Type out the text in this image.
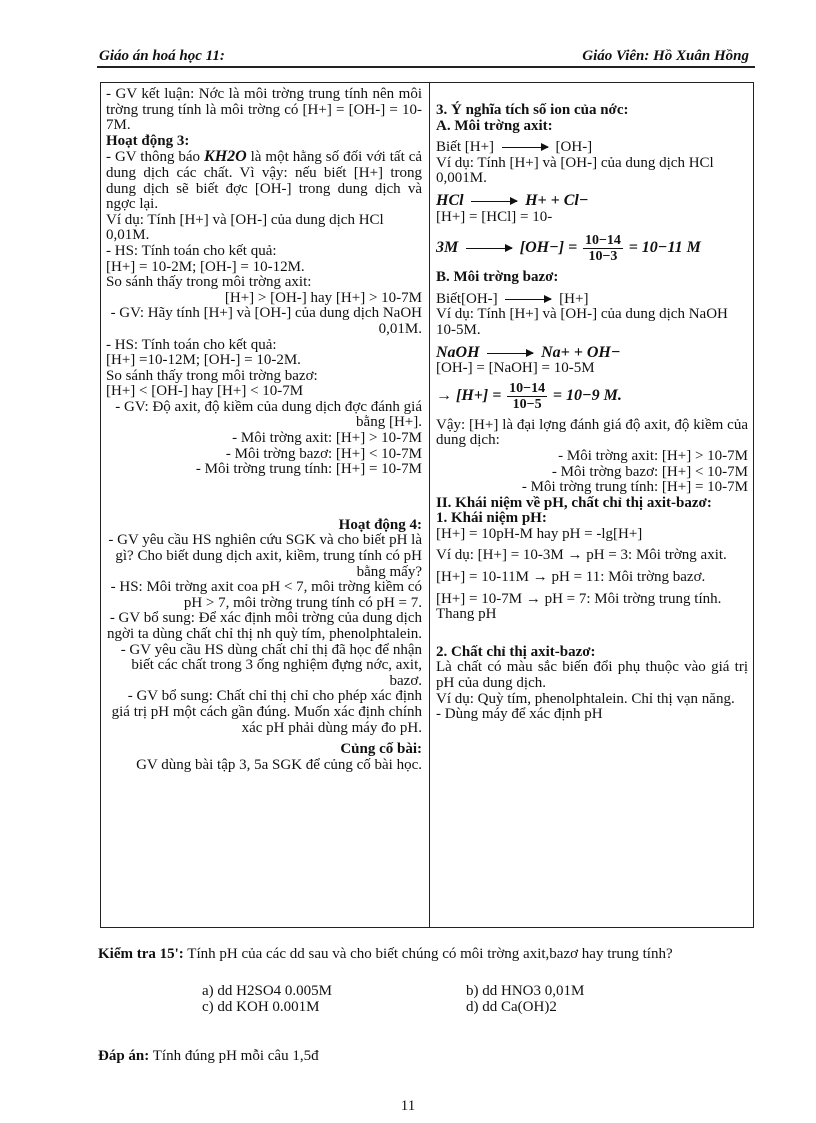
Giáo án hoá học 11:	Giáo Viên: Hồ Xuân Hồng

- GV kết luận: Nớc là môi trờng trung tính nên môi trờng trung tính là môi trờng có [H+] = [OH-] = 10-7M.

Hoạt động 3:

- GV thông báo KH2O là một hằng số đối với tất cả dung dịch các chất. Vì vậy: nếu biết [H+] trong dung dịch sẽ biết đợc [OH-] trong dung dịch và ngợc lại.

Ví dụ: Tính [H+] và [OH-] của dung dịch HCl 0,01M.

- HS: Tính toán cho kết quả:

[H+] = 10-2M; [OH-] = 10-12M.

So sánh thấy trong môi trờng axit:

[H+] > [OH-] hay [H+] > 10-7M

- GV: Hãy tính [H+] và [OH-] của dung dịch NaOH 0,01M.

- HS: Tính toán cho kết quả:

[H+] =10-12M; [OH-] = 10-2M.

So sánh thấy trong môi trờng bazơ:

[H+] < [OH-] hay [H+] < 10-7M

- GV: Độ axit, độ kiềm của dung dịch đợc đánh giá bằng [H+].

- Môi trờng axit: [H+] > 10-7M

- Môi trờng bazơ: [H+] < 10-7M

- Môi trờng trung tính: [H+] = 10-7M

Hoạt động 4:

- GV yêu cầu HS nghiên cứu SGK và cho biết pH là gì? Cho biết dung dịch axit, kiềm, trung tính có pH bằng mấy?

- HS: Môi trờng axit coa pH < 7, môi trờng kiềm có pH > 7, môi trờng trung tính có pH = 7.

- GV bổ sung: Để xác định môi trờng của dung dịch ngời ta dùng chất chỉ thị nh quỳ tím, phenolphtalein.

- GV yêu cầu HS dùng chất chỉ thị đã học để nhận biết các chất trong 3 ống nghiệm đựng nớc, axit, bazơ.

- GV bổ sung: Chất chỉ thị chỉ cho phép xác định giá trị pH một cách gần đúng. Muốn xác định chính xác pH phải dùng máy đo pH.

Củng cố bài:

GV dùng bài tập 3, 5a SGK để củng cố bài học.

3. Ý nghĩa tích số ion của nớc:

A. Môi trờng axit:

Biết [H+]	[OH-]

Ví dụ: Tính [H+] và [OH-] của dung dịch HCl 0,001M.

HCl	H+ + Cl−

[H+] = [HCl] = 10-

3M	$[OH-] = \frac{10-14}{10-3} = 10-11$ M

B. Môi trờng bazơ:

Biết[OH-]	[H+]

Ví dụ: Tính [H+] và [OH-] của dung dịch NaOH 10-5M.

NaOH	Na+ + OH−

[OH-] = [NaOH] = 10-5M

→ $[H+] = \frac{10-14}{10-5} = 10-9$ M.

Vậy: [H+] là đại lợng đánh giá độ axit, độ kiềm của dung dịch:

- Môi trờng axit: [H+] > 10-7M

- Môi trờng bazơ: [H+] < 10-7M

- Môi trờng trung tính: [H+] = 10-7M

II. Khái niệm về pH, chất chỉ thị axit-bazơ:

1. Khái niệm pH:

[H+] = 10pH-M hay pH = -lg[H+]

Ví dụ: [H+] = 10-3M → pH = 3: Môi trờng axit.

[H+] = 10-11M → pH = 11: Môi trờng bazơ.

[H+] = 10-7M → pH = 7: Môi trờng trung tính.

Thang pH

2. Chất chỉ thị axit-bazơ:

Là chất có màu sắc biến đổi phụ thuộc vào giá trị pH của dung dịch.

Ví dụ: Quỳ tím, phenolphtalein. Chỉ thị vạn năng.

- Dùng máy để xác định pH

Kiểm tra 15': Tính pH của các dd sau và cho biết chúng có môi trờng axit,bazơ hay trung tính?

a) dd H2SO4 0.005M	b) dd HNO3 0,01M
c) dd KOH 0.001M	d) dd Ca(OH)2
Đáp án: Tính đúng pH mỗi câu 1,5đ
11
